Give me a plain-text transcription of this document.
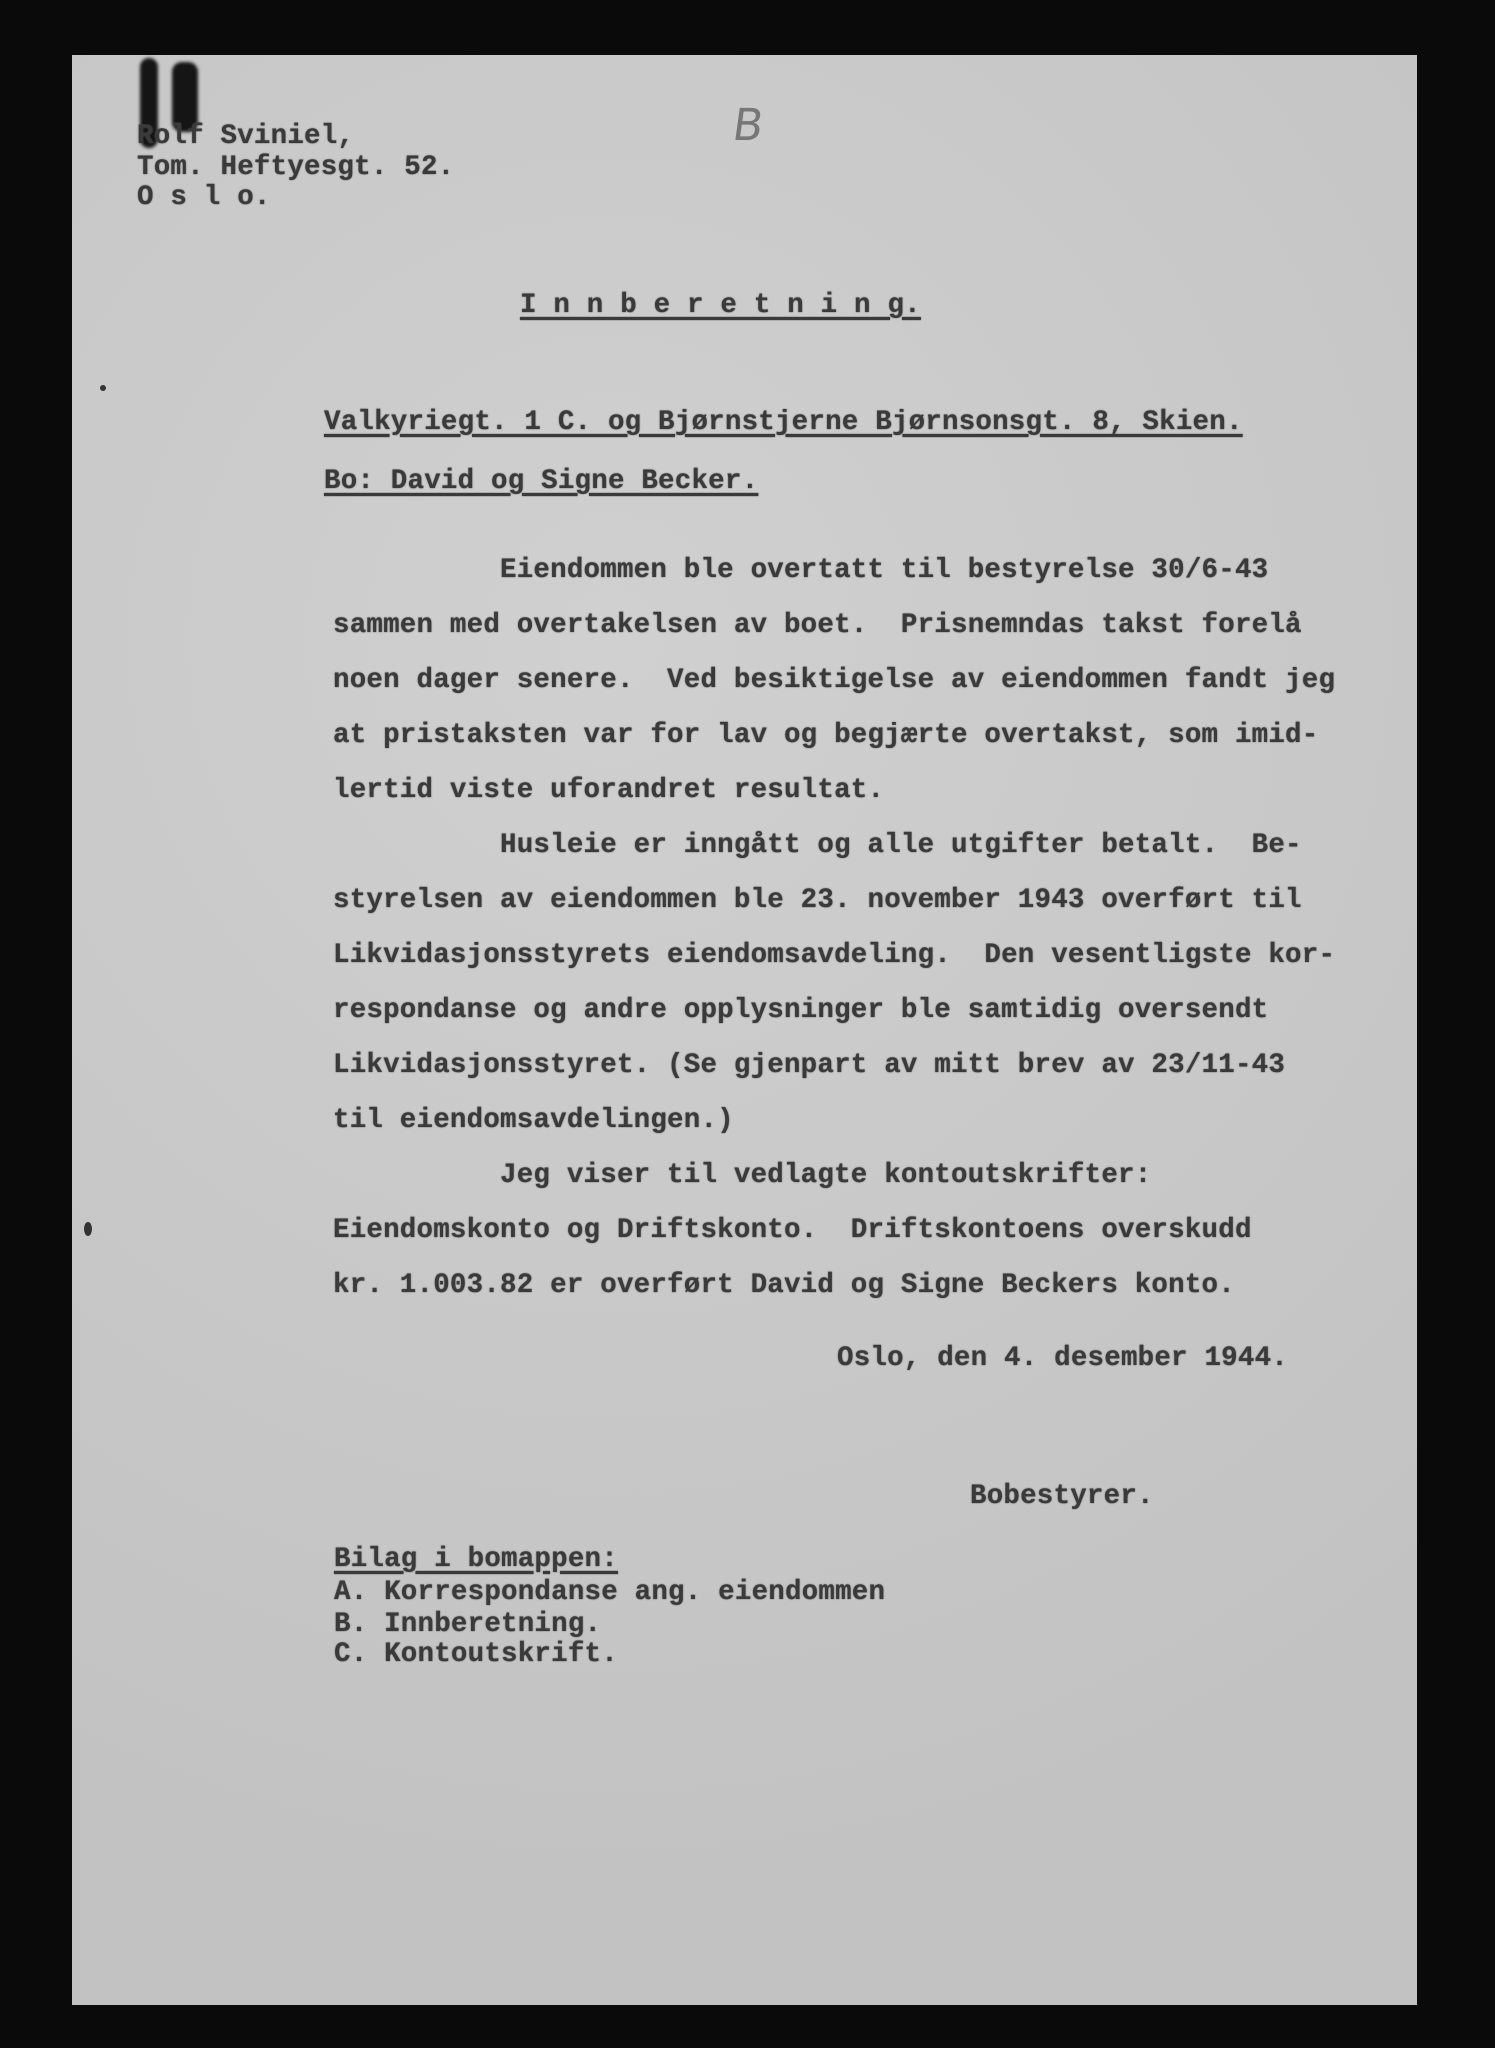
Rolf Sviniel,
Tom. Heftyesgt. 52.
O s l o.
B
I n n b e r e t n i n g.
Valkyriegt. 1 C. og Bjørnstjerne Bjørnsonsgt. 8, Skien.
Bo: David og Signe Becker.
Eiendommen ble overtatt til bestyrelse 30/6-43
sammen med overtakelsen av boet.  Prisnemndas takst forelå
noen dager senere.  Ved besiktigelse av eiendommen fandt jeg
at pristaksten var for lav og begjærte overtakst, som imid-
lertid viste uforandret resultat.
Husleie er inngått og alle utgifter betalt.  Be-
styrelsen av eiendommen ble 23. november 1943 overført til
Likvidasjonsstyrets eiendomsavdeling.  Den vesentligste kor-
respondanse og andre opplysninger ble samtidig oversendt
Likvidasjonsstyret. (Se gjenpart av mitt brev av 23/11-43
til eiendomsavdelingen.)
Jeg viser til vedlagte kontoutskrifter:
Eiendomskonto og Driftskonto.  Driftskontoens overskudd
kr. 1.003.82 er overført David og Signe Beckers konto.
Oslo, den 4. desember 1944.
Bobestyrer.
Bilag i bomappen:
A. Korrespondanse ang. eiendommen
B. Innberetning.
C. Kontoutskrift.
